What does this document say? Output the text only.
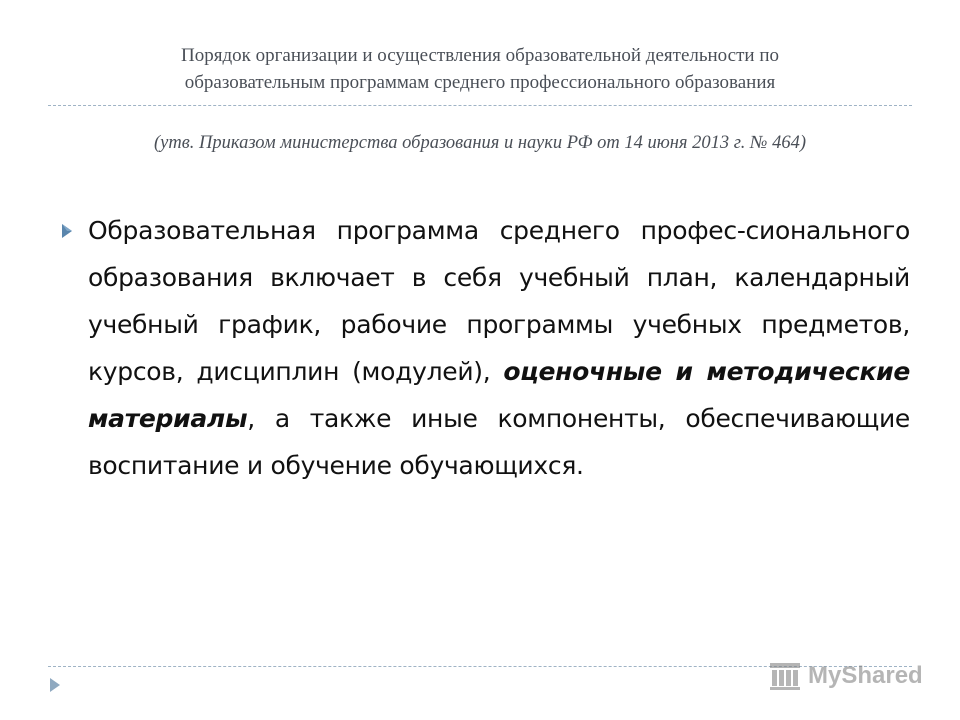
Порядок организации и осуществления образовательной деятельности по
образовательным программам среднего профессионального образования
(утв. Приказом министерства образования и науки РФ от 14 июня 2013 г. № 464)

Образовательная программа среднего профес-сионального образования включает в себя учебный план, календарный учебный график, рабочие программы учебных предметов, курсов, дисциплин (модулей), оценочные и методические материалы, а также иные компоненты, обеспечивающие воспитание и обучение обучающихся.

MyShared
